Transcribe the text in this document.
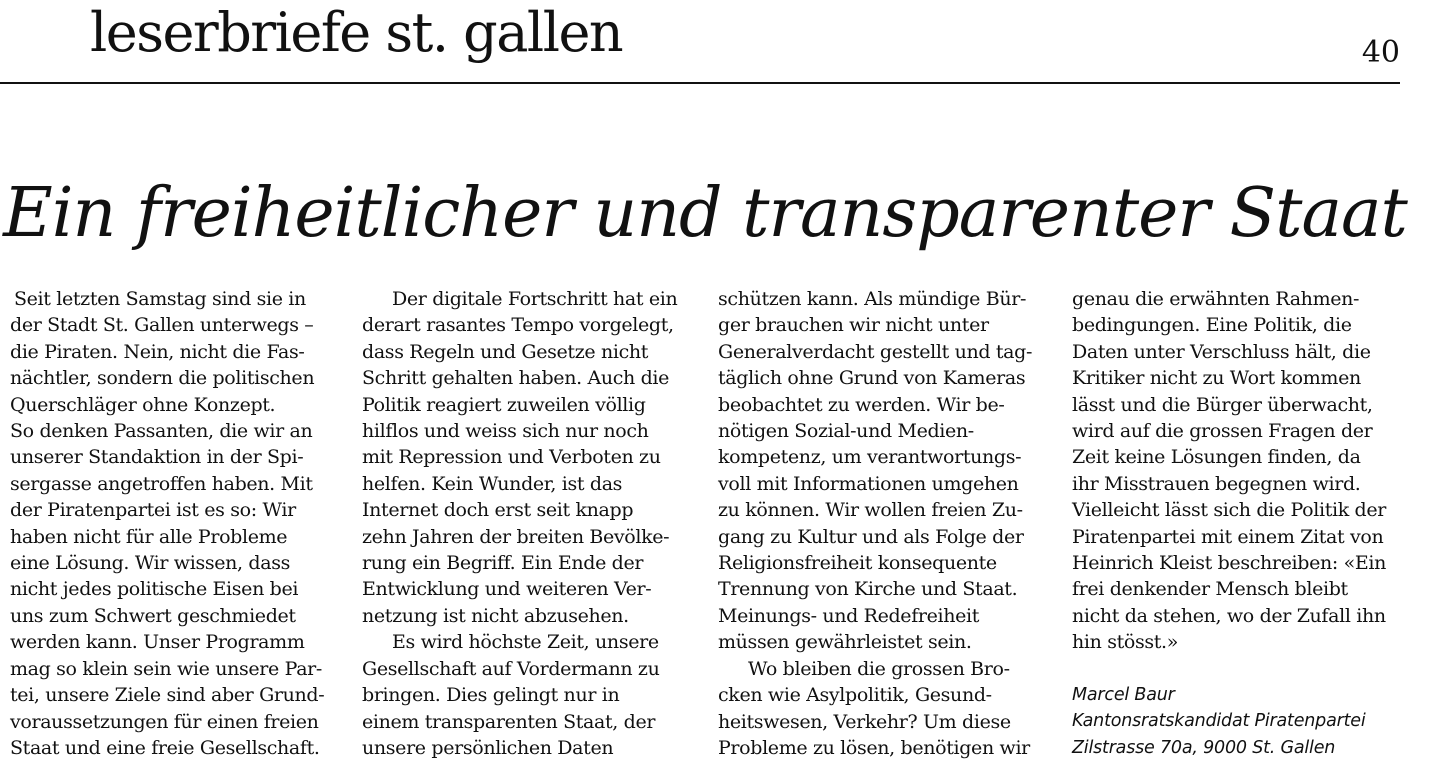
leserbriefe st. gallen	40
Ein freiheitlicher und transparenter Staat
Seit letzten Samstag sind sie in
der Stadt St. Gallen unterwegs –
die Piraten. Nein, nicht die Fas-
nächtler, sondern die politischen
Querschläger ohne Konzept.
So denken Passanten, die wir an
unserer Standaktion in der Spi-
sergasse angetroffen haben. Mit
der Piratenpartei ist es so: Wir
haben nicht für alle Probleme
eine Lösung. Wir wissen, dass
nicht jedes politische Eisen bei
uns zum Schwert geschmiedet
werden kann. Unser Programm
mag so klein sein wie unsere Par-
tei, unsere Ziele sind aber Grund-
voraussetzungen für einen freien
Staat und eine freie Gesellschaft.
Der digitale Fortschritt hat ein
derart rasantes Tempo vorgelegt,
dass Regeln und Gesetze nicht
Schritt gehalten haben. Auch die
Politik reagiert zuweilen völlig
hilflos und weiss sich nur noch
mit Repression und Verboten zu
helfen. Kein Wunder, ist das
Internet doch erst seit knapp
zehn Jahren der breiten Bevölke-
rung ein Begriff. Ein Ende der
Entwicklung und weiteren Ver-
netzung ist nicht abzusehen.
Es wird höchste Zeit, unsere
Gesellschaft auf Vordermann zu
bringen. Dies gelingt nur in
einem transparenten Staat, der
unsere persönlichen Daten
schützen kann. Als mündige Bür-
ger brauchen wir nicht unter
Generalverdacht gestellt und tag-
täglich ohne Grund von Kameras
beobachtet zu werden. Wir be-
nötigen Sozial-und Medien-
kompetenz, um verantwortungs-
voll mit Informationen umgehen
zu können. Wir wollen freien Zu-
gang zu Kultur und als Folge der
Religionsfreiheit konsequente
Trennung von Kirche und Staat.
Meinungs- und Redefreiheit
müssen gewährleistet sein.
Wo bleiben die grossen Bro-
cken wie Asylpolitik, Gesund-
heitswesen, Verkehr? Um diese
Probleme zu lösen, benötigen wir
genau die erwähnten Rahmen-
bedingungen. Eine Politik, die
Daten unter Verschluss hält, die
Kritiker nicht zu Wort kommen
lässt und die Bürger überwacht,
wird auf die grossen Fragen der
Zeit keine Lösungen finden, da
ihr Misstrauen begegnen wird.
Vielleicht lässt sich die Politik der
Piratenpartei mit einem Zitat von
Heinrich Kleist beschreiben: «Ein
frei denkender Mensch bleibt
nicht da stehen, wo der Zufall ihn
hin stösst.»
Marcel Baur
Kantonsratskandidat Piratenpartei
Zilstrasse 70a, 9000 St. Gallen
